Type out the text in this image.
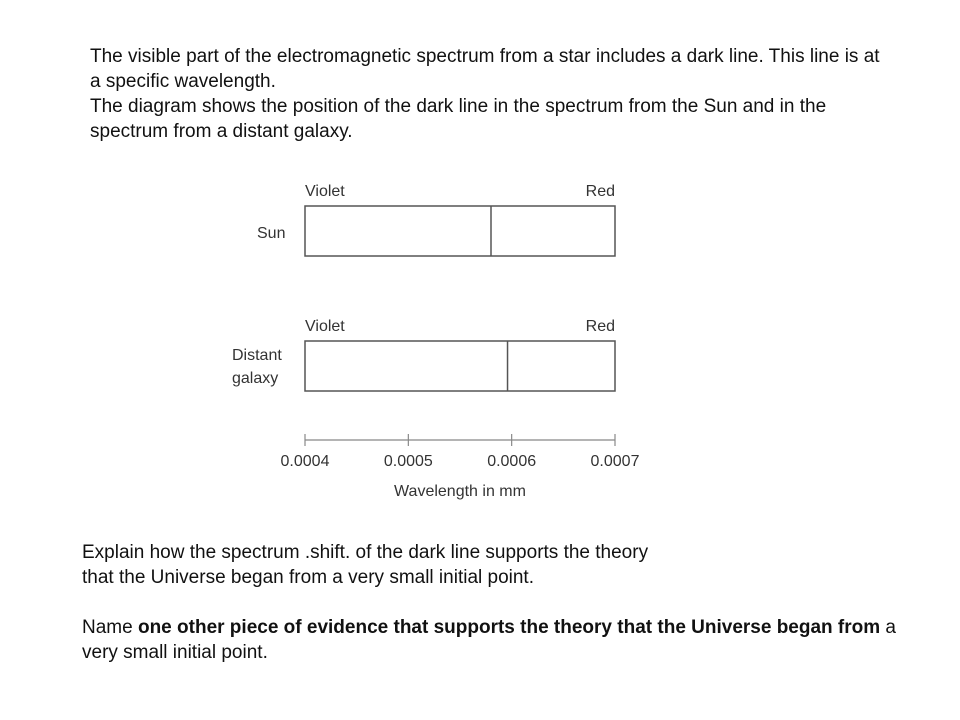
The visible part of the electromagnetic spectrum from a star includes a dark line. This line is at a specific wavelength.

The diagram shows the position of the dark line in the spectrum from the Sun and in the spectrum from a distant galaxy.

Violet	Red
Sun
Violet	Red
Distant
galaxy
0.0004	0.0005	0.0006	0.0007
Wavelength in mm

Explain how the spectrum .shift. of the dark line supports the theory

that the Universe began from a very small initial point.

Name one other piece of evidence that supports the theory that the Universe began from a very small initial point.
